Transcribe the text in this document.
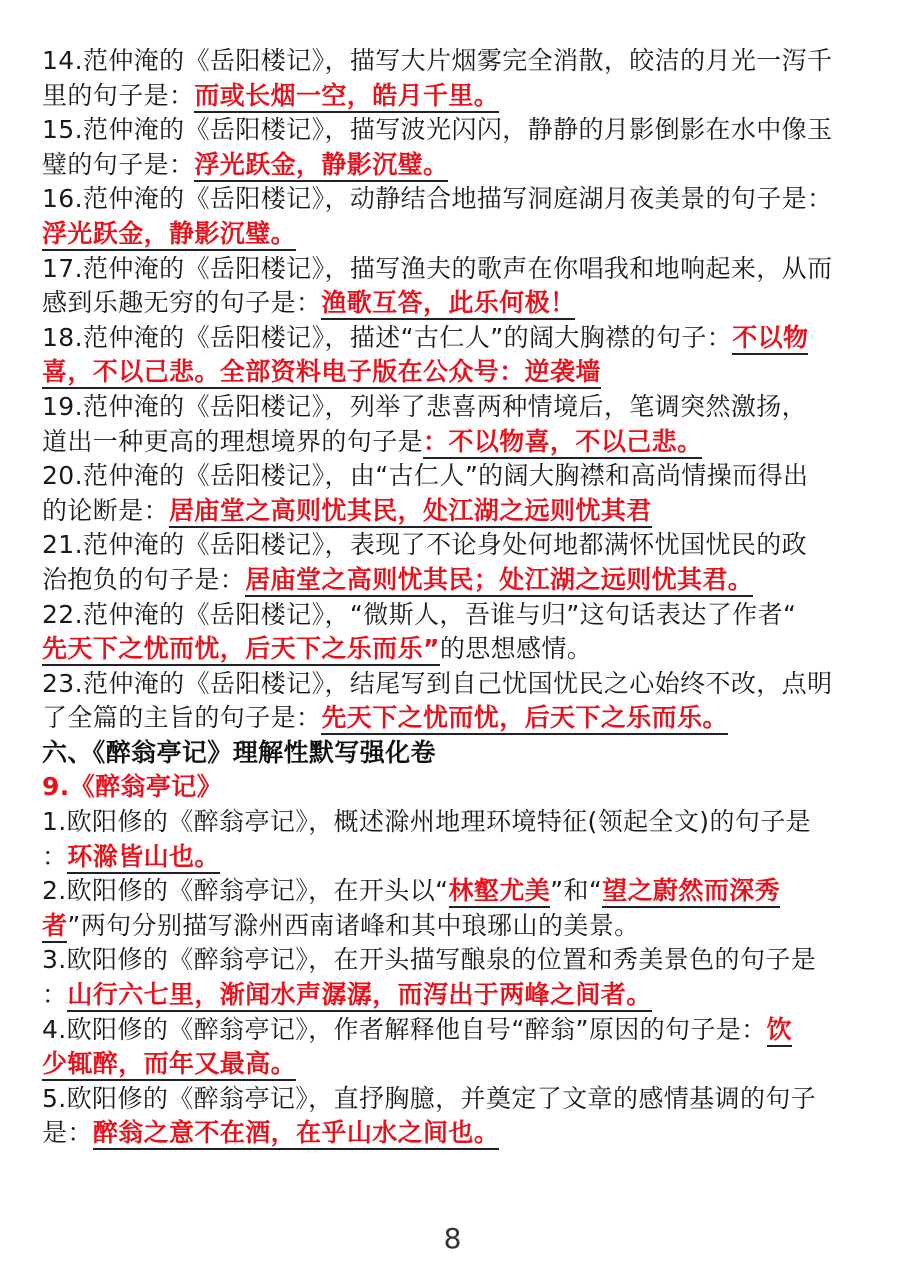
14.范仲淹的《岳阳楼记》，描写大片烟雾完全消散，皎洁的月光一泻千
里的句子是：而或长烟一空，皓月千里。
15.范仲淹的《岳阳楼记》，描写波光闪闪，静静的月影倒影在水中像玉
璧的句子是：浮光跃金，静影沉璧。
16.范仲淹的《岳阳楼记》，动静结合地描写洞庭湖月夜美景的句子是：
浮光跃金，静影沉璧。
17.范仲淹的《岳阳楼记》，描写渔夫的歌声在你唱我和地响起来，从而
感到乐趣无穷的句子是：渔歌互答，此乐何极！
18.范仲淹的《岳阳楼记》，描述“古仁人”的阔大胸襟的句子：不以物
喜，不以己悲。全部资料电子版在公众号：逆袭墙
19.范仲淹的《岳阳楼记》，列举了悲喜两种情境后，笔调突然激扬，
道出一种更高的理想境界的句子是：不以物喜，不以己悲。
20.范仲淹的《岳阳楼记》，由“古仁人”的阔大胸襟和高尚情操而得出
的论断是：居庙堂之高则忧其民，处江湖之远则忧其君
21.范仲淹的《岳阳楼记》，表现了不论身处何地都满怀忧国忧民的政
治抱负的句子是：居庙堂之高则忧其民；处江湖之远则忧其君。
22.范仲淹的《岳阳楼记》，“微斯人，吾谁与归”这句话表达了作者“
先天下之忧而忧，后天下之乐而乐”的思想感情。
23.范仲淹的《岳阳楼记》，结尾写到自己忧国忧民之心始终不改，点明
了全篇的主旨的句子是：先天下之忧而忧，后天下之乐而乐。
六、《醉翁亭记》理解性默写强化卷
9.《醉翁亭记》
1.欧阳修的《醉翁亭记》，概述滁州地理环境特征(领起全文)的句子是
：环滁皆山也。
2.欧阳修的《醉翁亭记》，在开头以“林壑尤美”和“望之蔚然而深秀
者”两句分别描写滁州西南诸峰和其中琅琊山的美景。
3.欧阳修的《醉翁亭记》，在开头描写酿泉的位置和秀美景色的句子是
：山行六七里，渐闻水声潺潺，而泻出于两峰之间者。
4.欧阳修的《醉翁亭记》，作者解释他自号“醉翁”原因的句子是：饮
少辄醉，而年又最高。
5.欧阳修的《醉翁亭记》，直抒胸臆，并奠定了文章的感情基调的句子
是：醉翁之意不在酒，在乎山水之间也。
8
